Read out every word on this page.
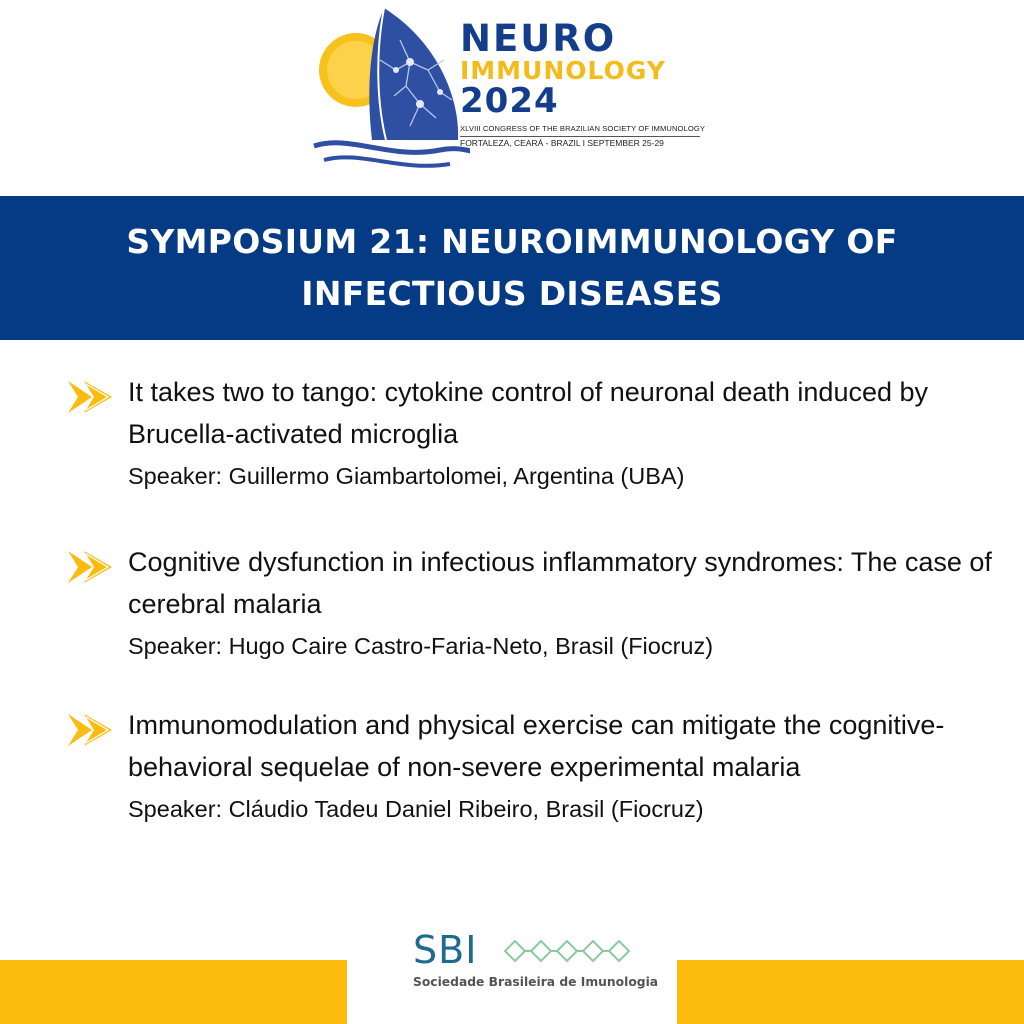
NEURO
IMMUNOLOGY
2024
XLVIII CONGRESS OF THE BRAZILIAN SOCIETY OF IMMUNOLOGY
FORTALEZA, CEARÁ - BRAZIL I SEPTEMBER 25-29
SYMPOSIUM 21: NEUROIMMUNOLOGY OF INFECTIOUS DISEASES
It takes two to tango: cytokine control of neuronal death induced by Brucella-activated microglia
Speaker: Guillermo Giambartolomei, Argentina (UBA)
Cognitive dysfunction in infectious inflammatory syndromes: The case of cerebral malaria
Speaker: Hugo Caire Castro-Faria-Neto, Brasil (Fiocruz)
Immunomodulation and physical exercise can mitigate the cognitive-behavioral sequelae of non-severe experimental malaria
Speaker: Cláudio Tadeu Daniel Ribeiro, Brasil (Fiocruz)
SBI
Sociedade Brasileira de Imunologia
